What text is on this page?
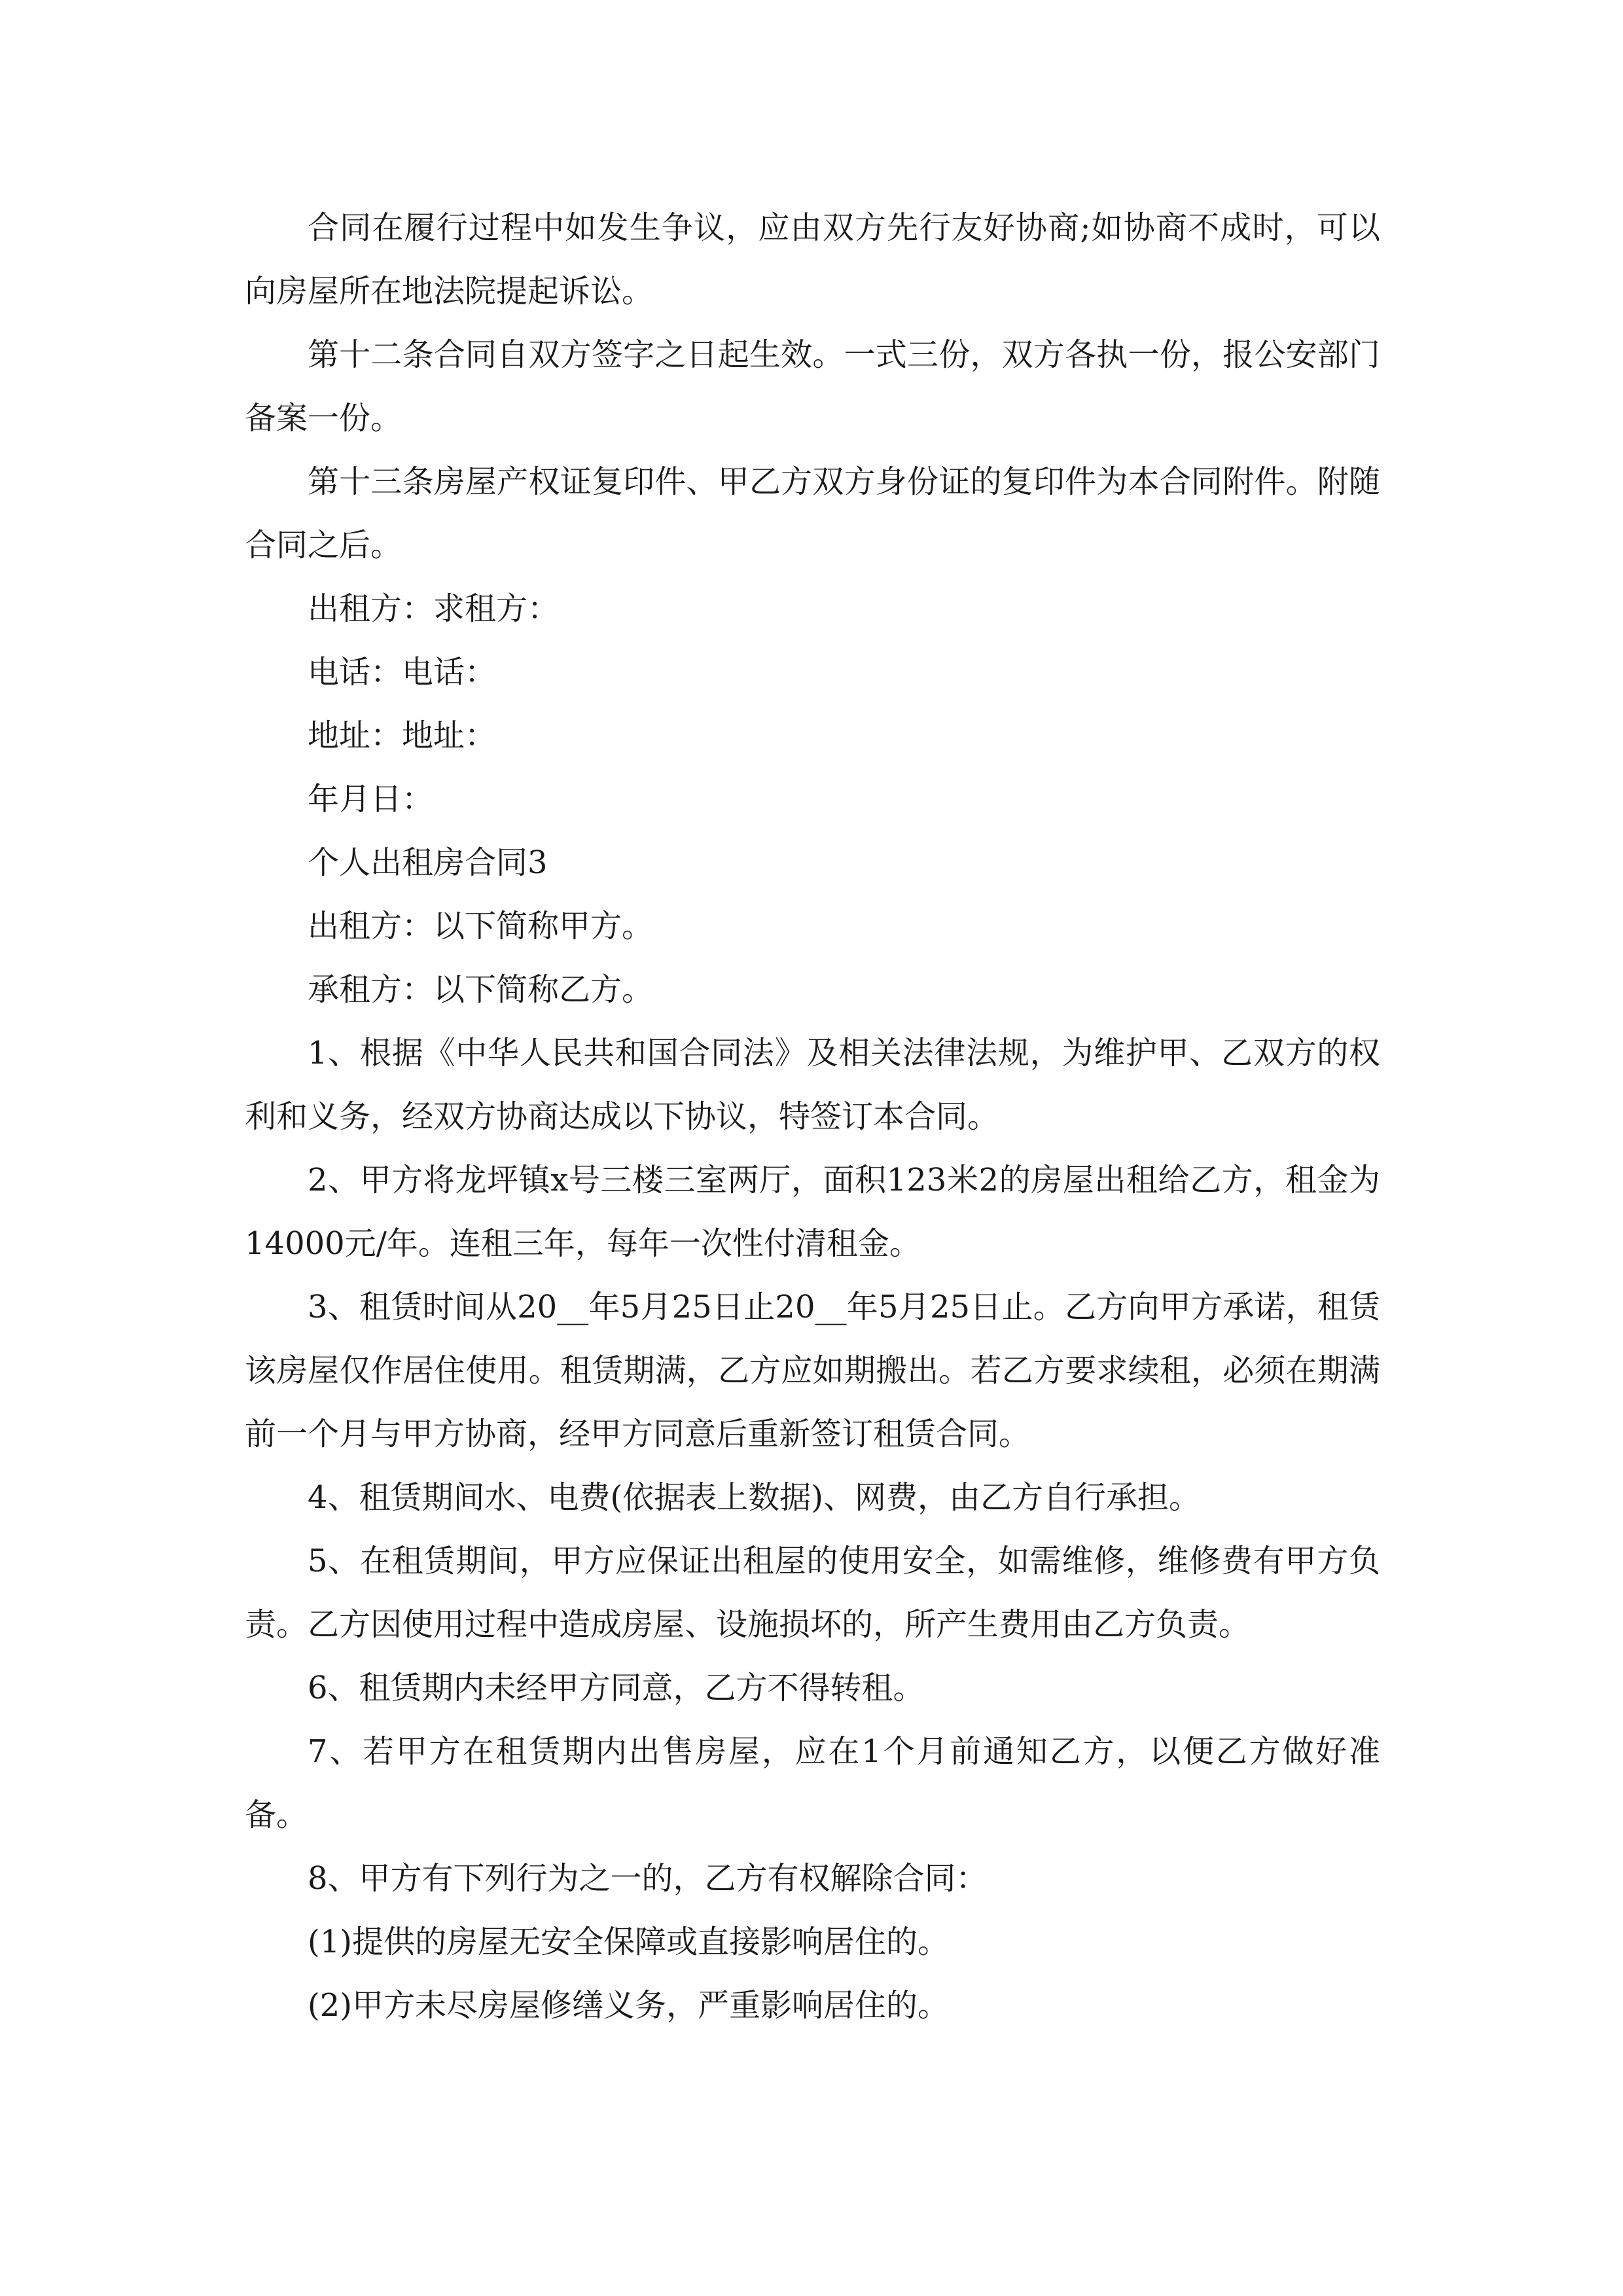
合同在履行过程中如发生争议，应由双方先行友好协商;如协商不成时，可以向房屋所在地法院提起诉讼。

第十二条合同自双方签字之日起生效。一式三份，双方各执一份，报公安部门备案一份。

第十三条房屋产权证复印件、甲乙方双方身份证的复印件为本合同附件。附随合同之后。

出租方：求租方：

电话：电话：

地址：地址：

年月日：

个人出租房合同3

出租方：以下简称甲方。

承租方：以下简称乙方。

1、根据《中华人民共和国合同法》及相关法律法规，为维护甲、乙双方的权利和义务，经双方协商达成以下协议，特签订本合同。

2、甲方将龙坪镇x号三楼三室两厅，面积123米2的房屋出租给乙方，租金为14000元/年。连租三年，每年一次性付清租金。

3、租赁时间从20__年5月25日止20__年5月25日止。乙方向甲方承诺，租赁该房屋仅作居住使用。租赁期满，乙方应如期搬出。若乙方要求续租，必须在期满前一个月与甲方协商，经甲方同意后重新签订租赁合同。

4、租赁期间水、电费(依据表上数据)、网费，由乙方自行承担。

5、在租赁期间，甲方应保证出租屋的使用安全，如需维修，维修费有甲方负责。乙方因使用过程中造成房屋、设施损坏的，所产生费用由乙方负责。

6、租赁期内未经甲方同意，乙方不得转租。

7、若甲方在租赁期内出售房屋，应在1个月前通知乙方，以便乙方做好准备。

8、甲方有下列行为之一的，乙方有权解除合同：

(1)提供的房屋无安全保障或直接影响居住的。

(2)甲方未尽房屋修缮义务，严重影响居住的。
